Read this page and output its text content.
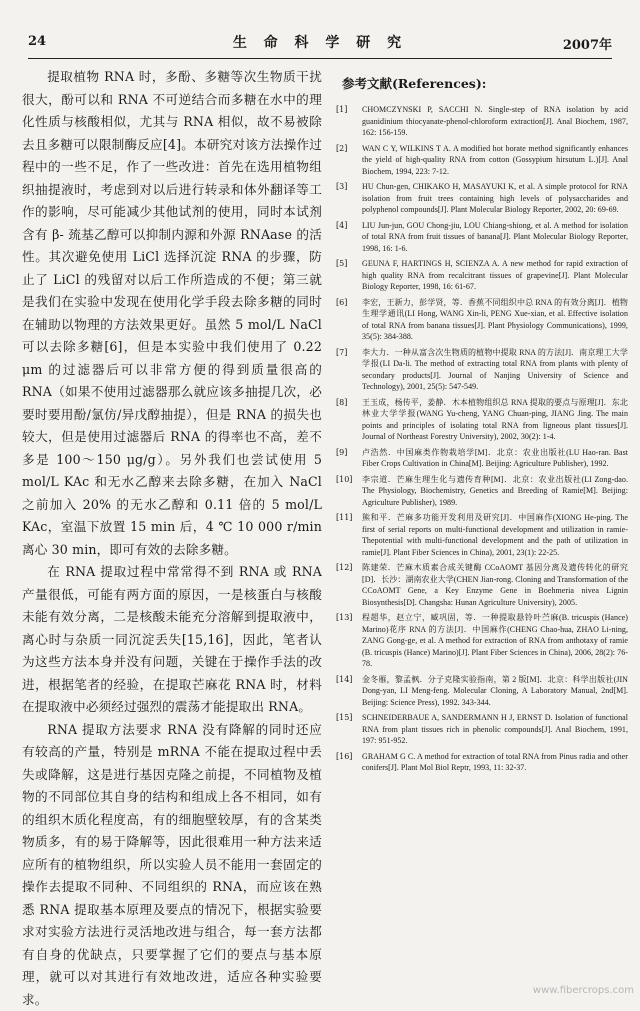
24	生 命 科 学 研 究	2007年

提取植物 RNA 时，多酚、多糖等次生物质干扰很大，酚可以和 RNA 不可逆结合而多糖在水中的理化性质与核酸相似，尤其与 RNA 相似，故不易被除去且多糖可以限制酶反应[4]。本研究对该方法操作过程中的一些不足，作了一些改进：首先在选用植物组织抽提液时，考虑到对以后进行转录和体外翻译等工作的影响，尽可能减少其他试剂的使用，同时本试剂含有 β- 巯基乙醇可以抑制内源和外源 RNAase 的活性。其次避免使用 LiCl 选择沉淀 RNA 的步骤，防止了 LiCl 的残留对以后工作所造成的不便；第三就是我们在实验中发现在使用化学手段去除多糖的同时在辅助以物理的方法效果更好。虽然 5 mol/L NaCl 可以去除多糖[6]，但是本实验中我们使用了 0.22 μm 的过滤器后可以非常方便的得到质量很高的 RNA（如果不使用过滤器那么就应该多抽提几次，必要时要用酚/氯仿/异戊醇抽提），但是 RNA 的损失也较大，但是使用过滤器后 RNA 的得率也不高，差不多是 100～150 μg/g）。另外我们也尝试使用 5 mol/L KAc 和无水乙醇来去除多糖，在加入 NaCl 之前加入 20% 的无水乙醇和 0.11 倍的 5 mol/L KAc，室温下放置 15 min 后，4 ℃ 10 000 r/min 离心 30 min，即可有效的去除多糖。

在 RNA 提取过程中常常得不到 RNA 或 RNA 产量很低，可能有两方面的原因，一是核蛋白与核酸未能有效分离，二是核酸未能充分溶解到提取液中，离心时与杂质一同沉淀丢失[15,16]，因此，笔者认为这些方法本身并没有问题，关键在于操作手法的改进，根据笔者的经验，在提取芒麻花 RNA 时，材料在提取液中必须经过强烈的震荡才能提取出 RNA。

RNA 提取方法要求 RNA 没有降解的同时还应有较高的产量，特别是 mRNA 不能在提取过程中丢失或降解，这是进行基因克隆之前提，不同植物及植物的不同部位其自身的结构和组成上各不相同，如有的组织木质化程度高，有的细胞壁较厚，有的含某类物质多，有的易于降解等，因此很难用一种方法来适应所有的植物组织，所以实验人员不能用一套固定的操作去提取不同种、不同组织的 RNA，而应该在熟悉 RNA 提取基本原理及要点的情况下，根据实验要求对实验方法进行灵活地改进与组合，每一套方法都有自身的优缺点，只要掌握了它们的要点与基本原理，就可以对其进行有效地改进，适应各种实验要求。

参考文献(References):
[1]	CHOMCZYNSKI P, SACCHI N. Single-step of RNA isolation by acid guanidinium thiocyanate-phenol-chloroform extraction[J]. Anal Biochem, 1987, 162: 156-159.
[2]	WAN C Y, WILKINS T A. A modified hot borate method significantly enhances the yield of high-quality RNA from cotton (Gossypium hirsutum L.)[J]. Anal Biochem, 1994, 223: 7-12.
[3]	HU Chun-gen, CHIKAKO H, MASAYUKI K, et al. A simple protocol for RNA isolation from fruit trees containing high levels of polysaccharides and polyphenol compounds[J]. Plant Molecular Biology Reporter, 2002, 20: 69-69.
[4]	LIU Jun-jun, GOU Chong-jiu, LOU Chiang-shiong, et al. A method for isolation of total RNA from fruit tissues of banana[J]. Plant Molecular Biology Reporter, 1998, 16: 1-6.
[5]	GEUNA F, HARTINGS H, SCIENZA A. A new method for rapid extraction of high quality RNA from recalcitrant tissues of grapevine[J]. Plant Molecular Biology Reporter, 1998, 16: 61-67.
[6]	李宏，王新力，彭学贤，等．香蕉不同组织中总 RNA 的有效分离[J]．植物生理学通讯(LI Hong, WANG Xin-li, PENG Xue-xian, et al. Effective isolation of total RNA from banana tissues[J]. Plant Physiology Communications), 1999, 35(5): 384-388.
[7]	李大力．一种从富含次生物质的植物中提取 RNA 的方法[J]．南京理工大学学报(LI Da-li. The method of extracting total RNA from plants with plenty of secondary products[J]. Journal of Nanjing University of Science and Technology), 2001, 25(5): 547-549.
[8]	王玉成，杨传平，姜静．木本植物组织总 RNA 提取的要点与原理[J]．东北林业大学学报(WANG Yu-cheng, YANG Chuan-ping, JIANG Jing. The main points and principles of isolating total RNA from ligneous plant tissues[J]. Journal of Northeast Forestry University), 2002, 30(2): 1-4.
[9]	卢浩然．中国麻类作物栽培学[M]．北京：农业出版社(LU Hao-ran. Bast Fiber Crops Cultivation in China[M]. Beijing: Agriculture Publisher), 1992.
[10]	李宗道．芒麻生理生化与遗传育种[M]．北京：农业出版社(LI Zong-dao. The Physiology, Biochemistry, Genetics and Breeding of Ramie[M]. Beijing: Agriculture Publisher), 1989.
[11]	熊和平．芒麻多功能开发利用及研究[J]．中国麻作(XIONG He-ping. The first of serial reports on multi-functional development and utilization in ramie-Thepotential with multi-functional development and the path of utilization in ramie[J]. Plant Fiber Sciences in China), 2001, 23(1): 22-25.
[12]	陈建荣．芒麻木质素合成关键酶 CCoAOMT 基因分离及遗传转化的研究[D]．长沙：湖南农业大学(CHEN Jian-rong. Cloning and Transformation of the CCoAOMT Gene, a Key Enzyme Gene in Boehmeria nivea Lignin Biosynthesis[D]. Changsha: Hunan Agriculture University), 2005.
[13]	程超华，赵立宁，臧巩固，等．一种提取悬铃叶苎麻(B. tricuspis (Hance) Marino)花序 RNA 的方法[J]．中国麻作(CHENG Chao-hua, ZHAO Li-ning, ZANG Gong-ge, et al. A method for extraction of RNA from anthotaxy of ramie (B. tricuspis (Hance) Marino)[J]. Plant Fiber Sciences in China), 2006, 28(2): 76-78.
[14]	金冬雁，黎孟枫．分子克隆实验指南，第 2 版[M]．北京：科学出版社(JIN Dong-yan, LI Meng-feng. Molecular Cloning, A Laboratory Manual, 2nd[M]. Beijing: Science Press), 1992. 343-344.
[15]	SCHNEIDERBAUE A, SANDERMANN H J, ERNST D. Isolation of functional RNA from plant tissues rich in phenolic compounds[J]. Anal Biochem, 1991, 197: 951-952.
[16]	GRAHAM G C. A method for extraction of total RNA from Pinus radia and other conifers[J]. Plant Mol Biol Reptr, 1993, 11: 32-37.
www.fibercrops.com
